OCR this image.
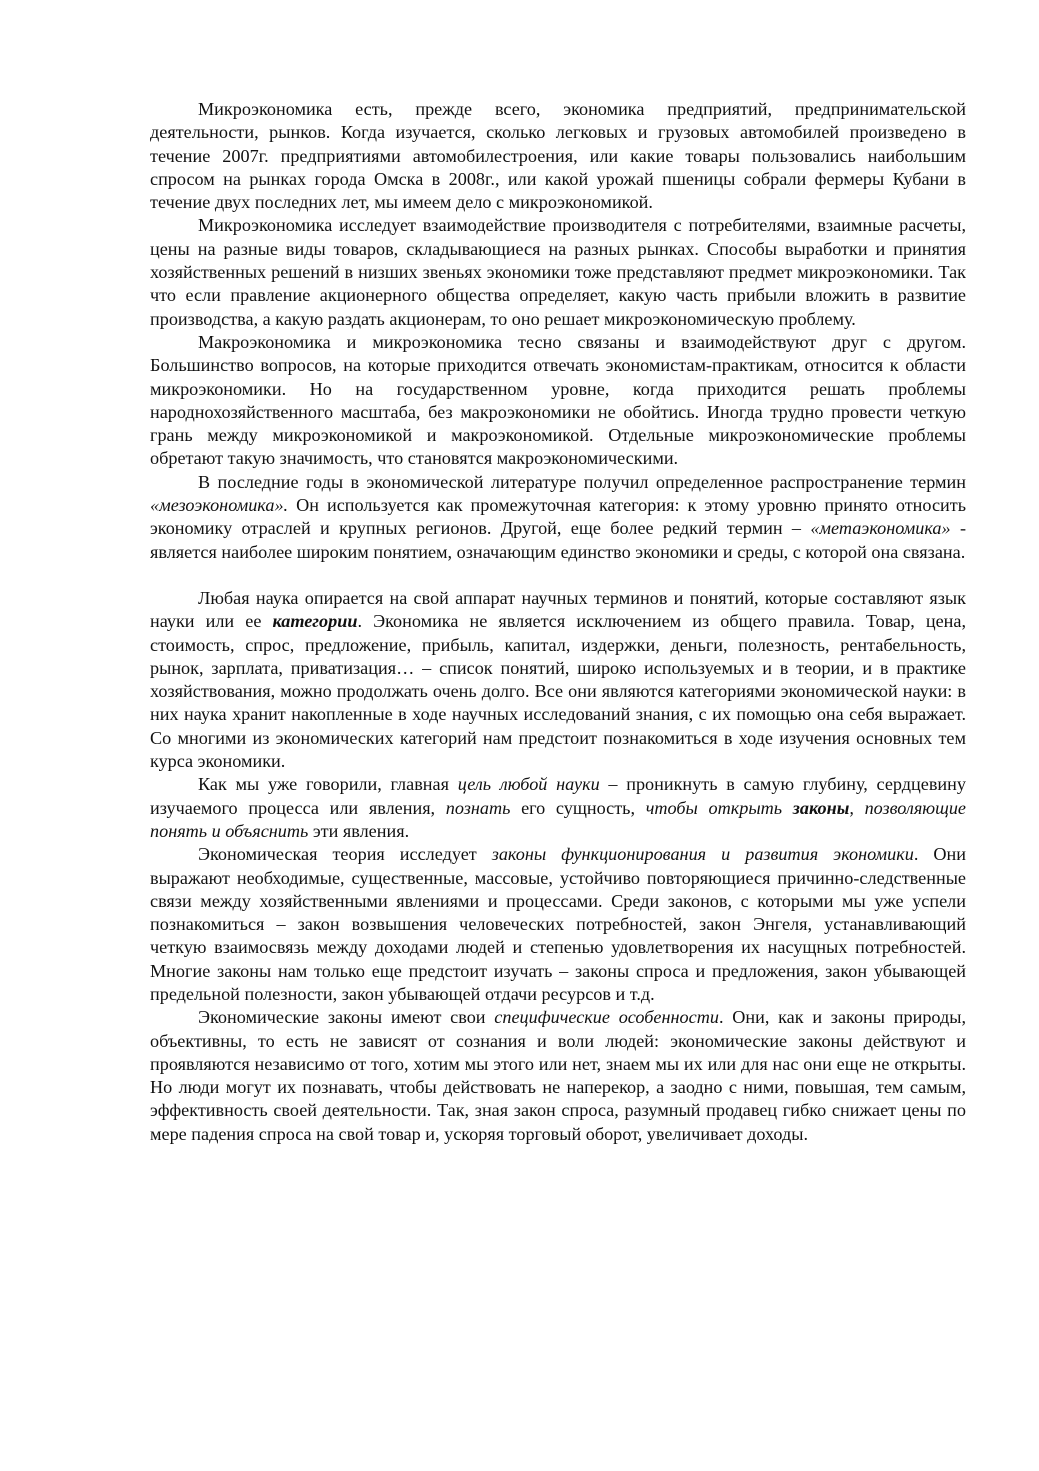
Микроэкономика есть, прежде всего, экономика предприятий, предпринимательской деятельности, рынков. Когда изучается, сколько легковых и грузовых автомобилей произведено в течение 2007г. предприятиями автомобилестроения, или какие товары пользовались наибольшим спросом на рынках города Омска в 2008г., или какой урожай пшеницы собрали фермеры Кубани в течение двух последних лет, мы имеем дело с микроэкономикой.

Микроэкономика исследует взаимодействие производителя с потребителями, взаимные расчеты, цены на разные виды товаров, складывающиеся на разных рынках. Способы выработки и принятия хозяйственных решений в низших звеньях экономики тоже представляют предмет микроэкономики. Так что если правление акционерного общества определяет, какую часть прибыли вложить в развитие производства, а какую раздать акционерам, то оно решает микроэкономическую проблему.

Макроэкономика и микроэкономика тесно связаны и взаимодействуют друг с другом. Большинство вопросов, на которые приходится отвечать экономистам-практикам, относится к области микроэкономики. Но на государственном уровне, когда приходится решать проблемы народнохозяйственного масштаба, без макроэкономики не обойтись. Иногда трудно провести четкую грань между микроэкономикой и макроэкономикой. Отдельные микроэкономические проблемы обретают такую значимость, что становятся макроэкономическими.

В последние годы в экономической литературе получил определенное распространение термин «мезоэкономика». Он используется как промежуточная категория: к этому уровню принято относить экономику отраслей и крупных регионов. Другой, еще более редкий термин – «метаэкономика» - является наиболее широким понятием, означающим единство экономики и среды, с которой она связана.

Любая наука опирается на свой аппарат научных терминов и понятий, которые составляют язык науки или ее категории. Экономика не является исключением из общего правила. Товар, цена, стоимость, спрос, предложение, прибыль, капитал, издержки, деньги, полезность, рентабельность, рынок, зарплата, приватизация… – список понятий, широко используемых и в теории, и в практике хозяйствования, можно продолжать очень долго. Все они являются категориями экономической науки: в них наука хранит накопленные в ходе научных исследований знания, с их помощью она себя выражает. Со многими из экономических категорий нам предстоит познакомиться в ходе изучения основных тем курса экономики.

Как мы уже говорили, главная цель любой науки – проникнуть в самую глубину, сердцевину изучаемого процесса или явления, познать его сущность, чтобы открыть законы, позволяющие понять и объяснить эти явления.

Экономическая теория исследует законы функционирования и развития экономики. Они выражают необходимые, существенные, массовые, устойчиво повторяющиеся причинно-следственные связи между хозяйственными явлениями и процессами. Среди законов, с которыми мы уже успели познакомиться – закон возвышения человеческих потребностей, закон Энгеля, устанавливающий четкую взаимосвязь между доходами людей и степенью удовлетворения их насущных потребностей. Многие законы нам только еще предстоит изучать – законы спроса и предложения, закон убывающей предельной полезности, закон убывающей отдачи ресурсов и т.д.

Экономические законы имеют свои специфические особенности. Они, как и законы природы, объективны, то есть не зависят от сознания и воли людей: экономические законы действуют и проявляются независимо от того, хотим мы этого или нет, знаем мы их или для нас они еще не открыты. Но люди могут их познавать, чтобы действовать не наперекор, а заодно с ними, повышая, тем самым, эффективность своей деятельности. Так, зная закон спроса, разумный продавец гибко снижает цены по мере падения спроса на свой товар и, ускоряя торговый оборот, увеличивает доходы.
